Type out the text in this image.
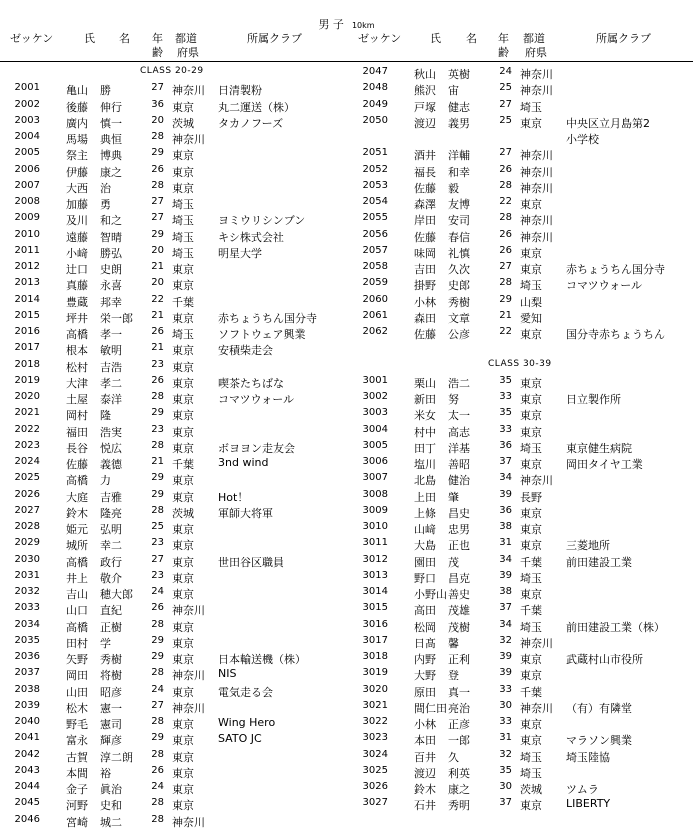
男 子 10km
ゼッケン	氏 名 年
齢
都道
府県
所属クラブ	ゼッケン	氏 名 年
齢
都道
府県
所属クラブ
CLASS 20-29
2001 亀山 勝	27 神奈川 日清製粉
2002 後藤 伸行	36 東京 丸二運送（株）
2003 廣内 慎一	20 茨城 タカノフーズ
2004 馬場 典恒	28 神奈川
2005 祭主 博典	29 東京
2006 伊藤 康之	26 東京
2007 大西 治	28 東京
2008 加藤 勇	27 埼玉
2009 及川 和之	27 埼玉 ヨミウリシンブン
2010 遠藤 智晴	29 埼玉 キシ株式会社
2011 小﨑 勝弘	20 埼玉 明星大学
2012 辻口 史朗	21 東京
2013 真藤 永喜	20 東京
2014 豊蔵 邦幸	22 千葉
2015 坪井 栄一郎	21 東京 赤ちょうちん国分寺
2016 高橋 孝一	26 埼玉 ソフトウェア興業
2017 根本 敏明	21 東京 安積柴走会
2018 松村 吉浩	23 東京
2019 大津 孝二	26 東京 喫茶たちばな
2020 土屋 泰洋	28 東京 コマツウォール
2021 岡村 隆	29 東京
2022 福田 浩実	23 東京
2023 長谷 悦広	28 東京 ボヨヨン走友会
2024 佐藤 義德	21 千葉 3nd wind
2025 高橋 力	29 東京
2026 大庭 吉雅	29 東京 Hot！
2027 鈴木 隆亮	28 茨城 軍師大将軍
2028 姫元 弘明	25 東京
2029 城所 幸二	23 東京
2030 高橋 政行	27 東京 世田谷区職員
2031 井上 敬介	23 東京
2032 吉山 穂大郎	24 東京
2033 山口 直紀	26 神奈川
2034 高橋 正樹	28 東京
2035 田村 学	29 東京
2036 矢野 秀樹	29 東京 日本輸送機（株）
2037 岡田 将樹	28 神奈川 NIS
2038 山田 昭彦	24 東京 電気走る会
2039 松木 憲一	27 神奈川
2040 野毛 憲司	28 東京 Wing Hero
2041 富永 輝彦	29 東京 SATO JC
2042 古賀 淳二朗	28 東京
2043 本間 裕	26 東京
2044 金子 眞治	24 東京
2045 河野 史和	28 東京
2046 宮崎 城二	28 神奈川
2047 秋山 英樹	24 神奈川
2048 熊沢 宙	25 神奈川
2049 戸塚 健志	27 埼玉
2050 渡辺 義男	25 東京 中央区立月島第2
小学校
2051 酒井 洋輔	27 神奈川
2052 福長 和幸	26 神奈川
2053 佐藤 毅	28 神奈川
2054 森澤 友博	22 東京
2055 岸田 安司	28 神奈川
2056 佐藤 春信	26 神奈川
2057 味岡 礼慎	26 東京
2058 吉田 久次	27 東京 赤ちょうちん国分寺
2059 掛野 史郎	28 埼玉 コマツウォール
2060 小林 秀樹	29 山梨
2061 森田 文章	21 愛知
2062 佐藤 公彦	22 東京 国分寺赤ちょうちん
CLASS 30-39
3001 栗山 浩二	35 東京
3002 新田 努	33 東京 日立製作所
3003 米女 太一	35 東京
3004 村中 高志	33 東京
3005 田丁 洋基	36 埼玉 東京健生病院
3006 塩川 善昭	37 東京 岡田タイヤ工業
3007 北島 健治	34 神奈川
3008 上田 肇	39 長野
3009 上條 昌史	36 東京
3010 山﨑 忠男	38 東京
3011 大島 正也	31 東京 三菱地所
3012 園田 茂	34 千葉 前田建設工業
3013 野口 昌克	39 埼玉
3014 小野山 善史	38 東京
3015 高田 茂雄	37 千葉
3016 松岡 茂樹	34 埼玉 前田建設工業（株）
3017 日髙 馨	32 神奈川
3018 内野 正利	39 東京 武蔵村山市役所
3019 大野 登	39 東京
3020 原田 真一	33 千葉
3021 間仁田 亮治	30 神奈川 （有）有隣堂
3022 小林 正彦	33 東京
3023 本田 一郎	31 東京 マラソン興業
3024 百井 久	32 埼玉 埼玉陸協
3025 渡辺 利英	35 埼玉
3026 鈴木 康之	30 茨城 ツムラ
3027 石井 秀明	37 東京 LIBERTY
